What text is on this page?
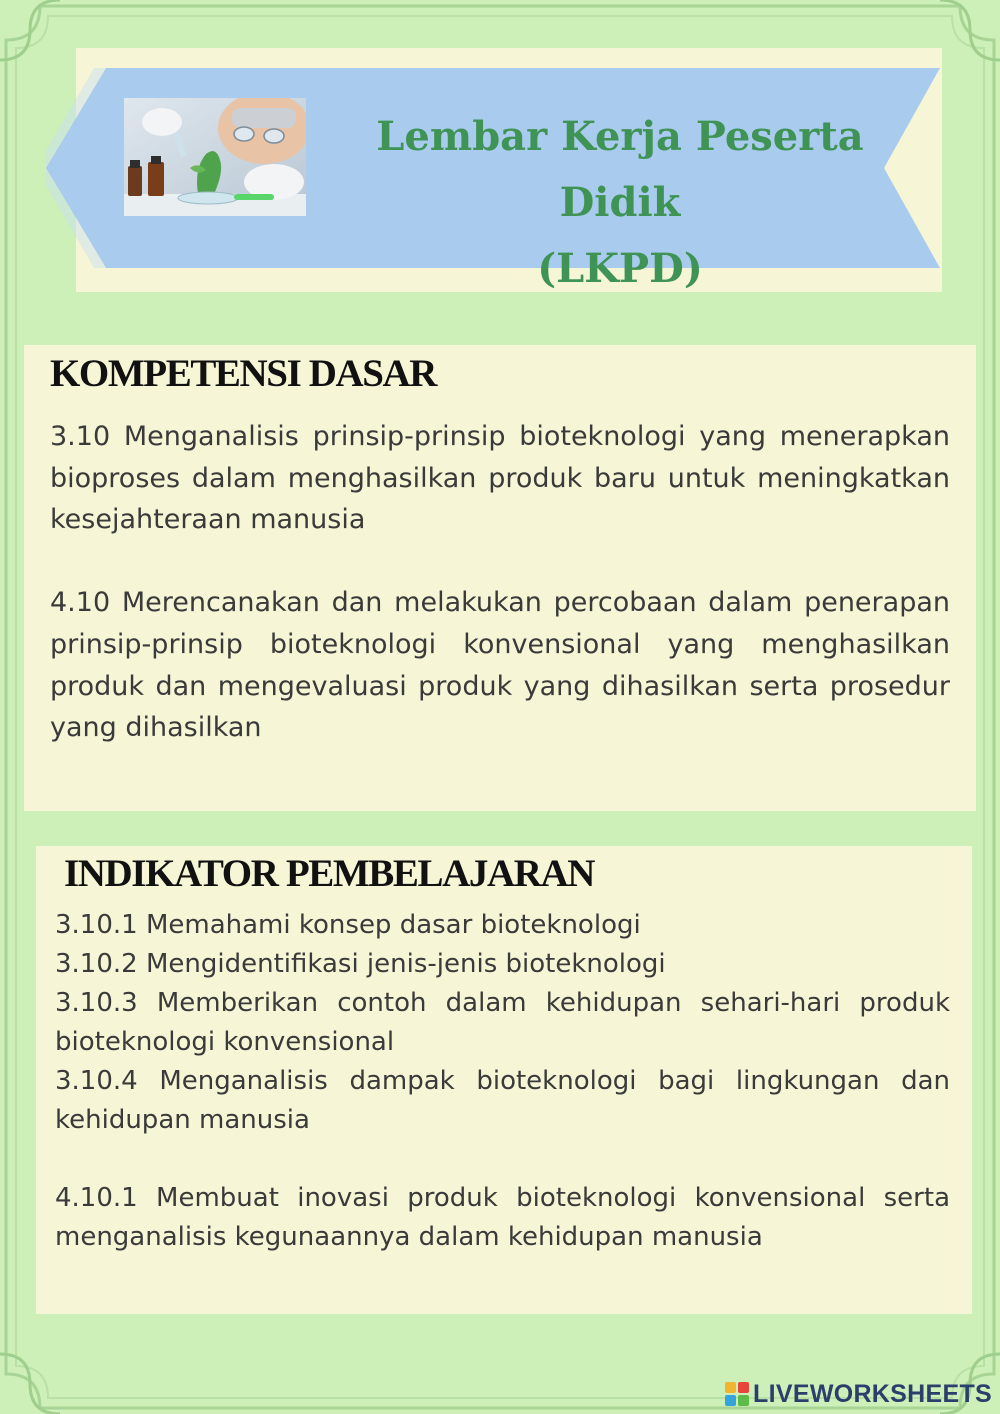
Lembar Kerja Peserta Didik
(LKPD)
KOMPETENSI DASAR

3.10 Menganalisis prinsip-prinsip bioteknologi yang menerapkan bioproses dalam menghasilkan produk baru untuk meningkatkan kesejahteraan manusia

4.10 Merencanakan dan melakukan percobaan dalam penerapan prinsip-prinsip bioteknologi konvensional yang menghasilkan produk dan mengevaluasi produk yang dihasilkan serta prosedur yang dihasilkan

INDIKATOR PEMBELAJARAN

3.10.1 Memahami konsep dasar bioteknologi

3.10.2 Mengidentifikasi jenis-jenis bioteknologi

3.10.3 Memberikan contoh dalam kehidupan sehari-hari produk bioteknologi konvensional

3.10.4 Menganalisis dampak bioteknologi bagi lingkungan dan kehidupan manusia

4.10.1 Membuat inovasi produk bioteknologi konvensional serta menganalisis kegunaannya dalam kehidupan manusia

LIVEWORKSHEETS
